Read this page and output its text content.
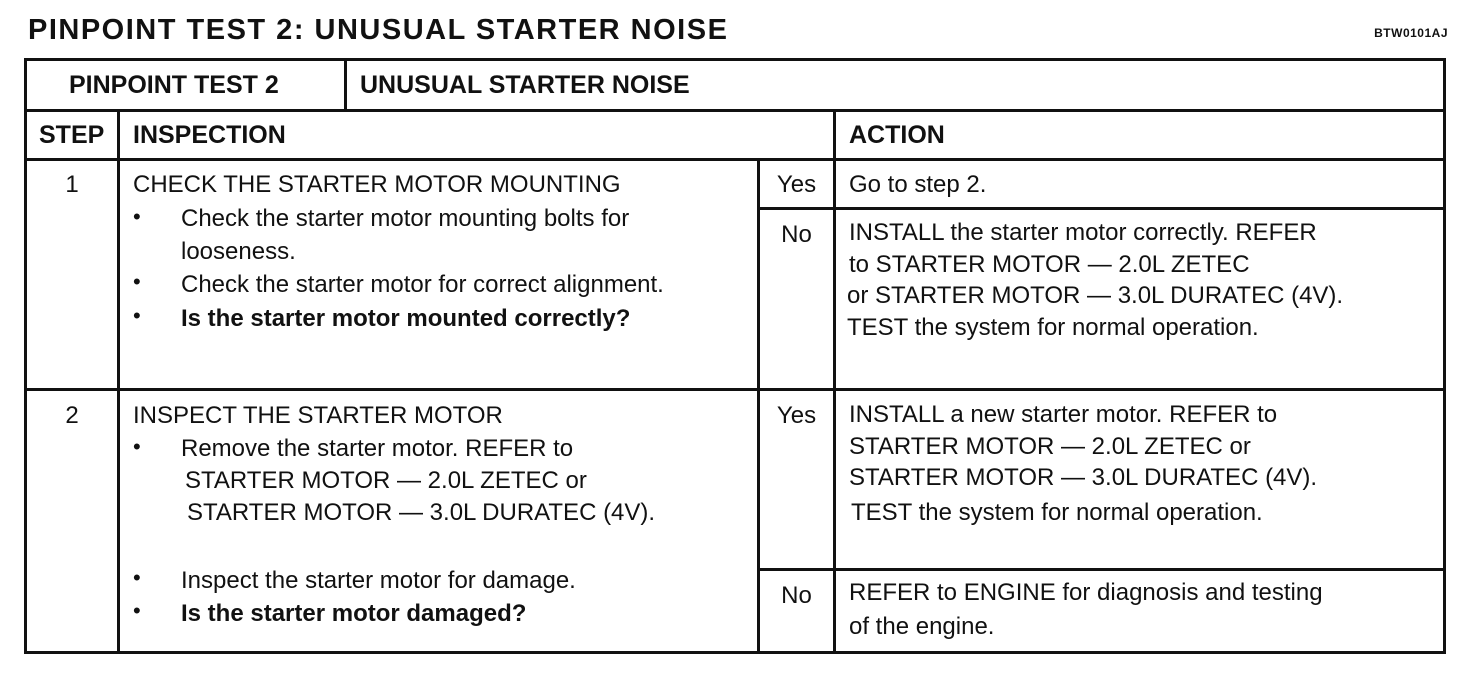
PINPOINT TEST 2: UNUSUAL STARTER NOISE	BTW0101AJ
PINPOINT TEST 2	UNUSUAL STARTER NOISE
STEP INSPECTION	ACTION
1	CHECK THE STARTER MOTOR MOUNTING
• Check the starter motor mounting bolts for
looseness.
• Check the starter motor for correct alignment.
• Is the starter motor mounted correctly?
Yes	Go to step 2.
No	INSTALL the starter motor correctly. REFER
to STARTER MOTOR — 2.0L ZETEC
or STARTER MOTOR — 3.0L DURATEC (4V).
TEST the system for normal operation.
2	INSPECT THE STARTER MOTOR
• Remove the starter motor. REFER to
STARTER MOTOR — 2.0L ZETEC or
STARTER MOTOR — 3.0L DURATEC (4V).
• Inspect the starter motor for damage.
• Is the starter motor damaged?
Yes	INSTALL a new starter motor. REFER to
STARTER MOTOR — 2.0L ZETEC or
STARTER MOTOR — 3.0L DURATEC (4V).
TEST the system for normal operation.
No	REFER to ENGINE for diagnosis and testing
of the engine.
